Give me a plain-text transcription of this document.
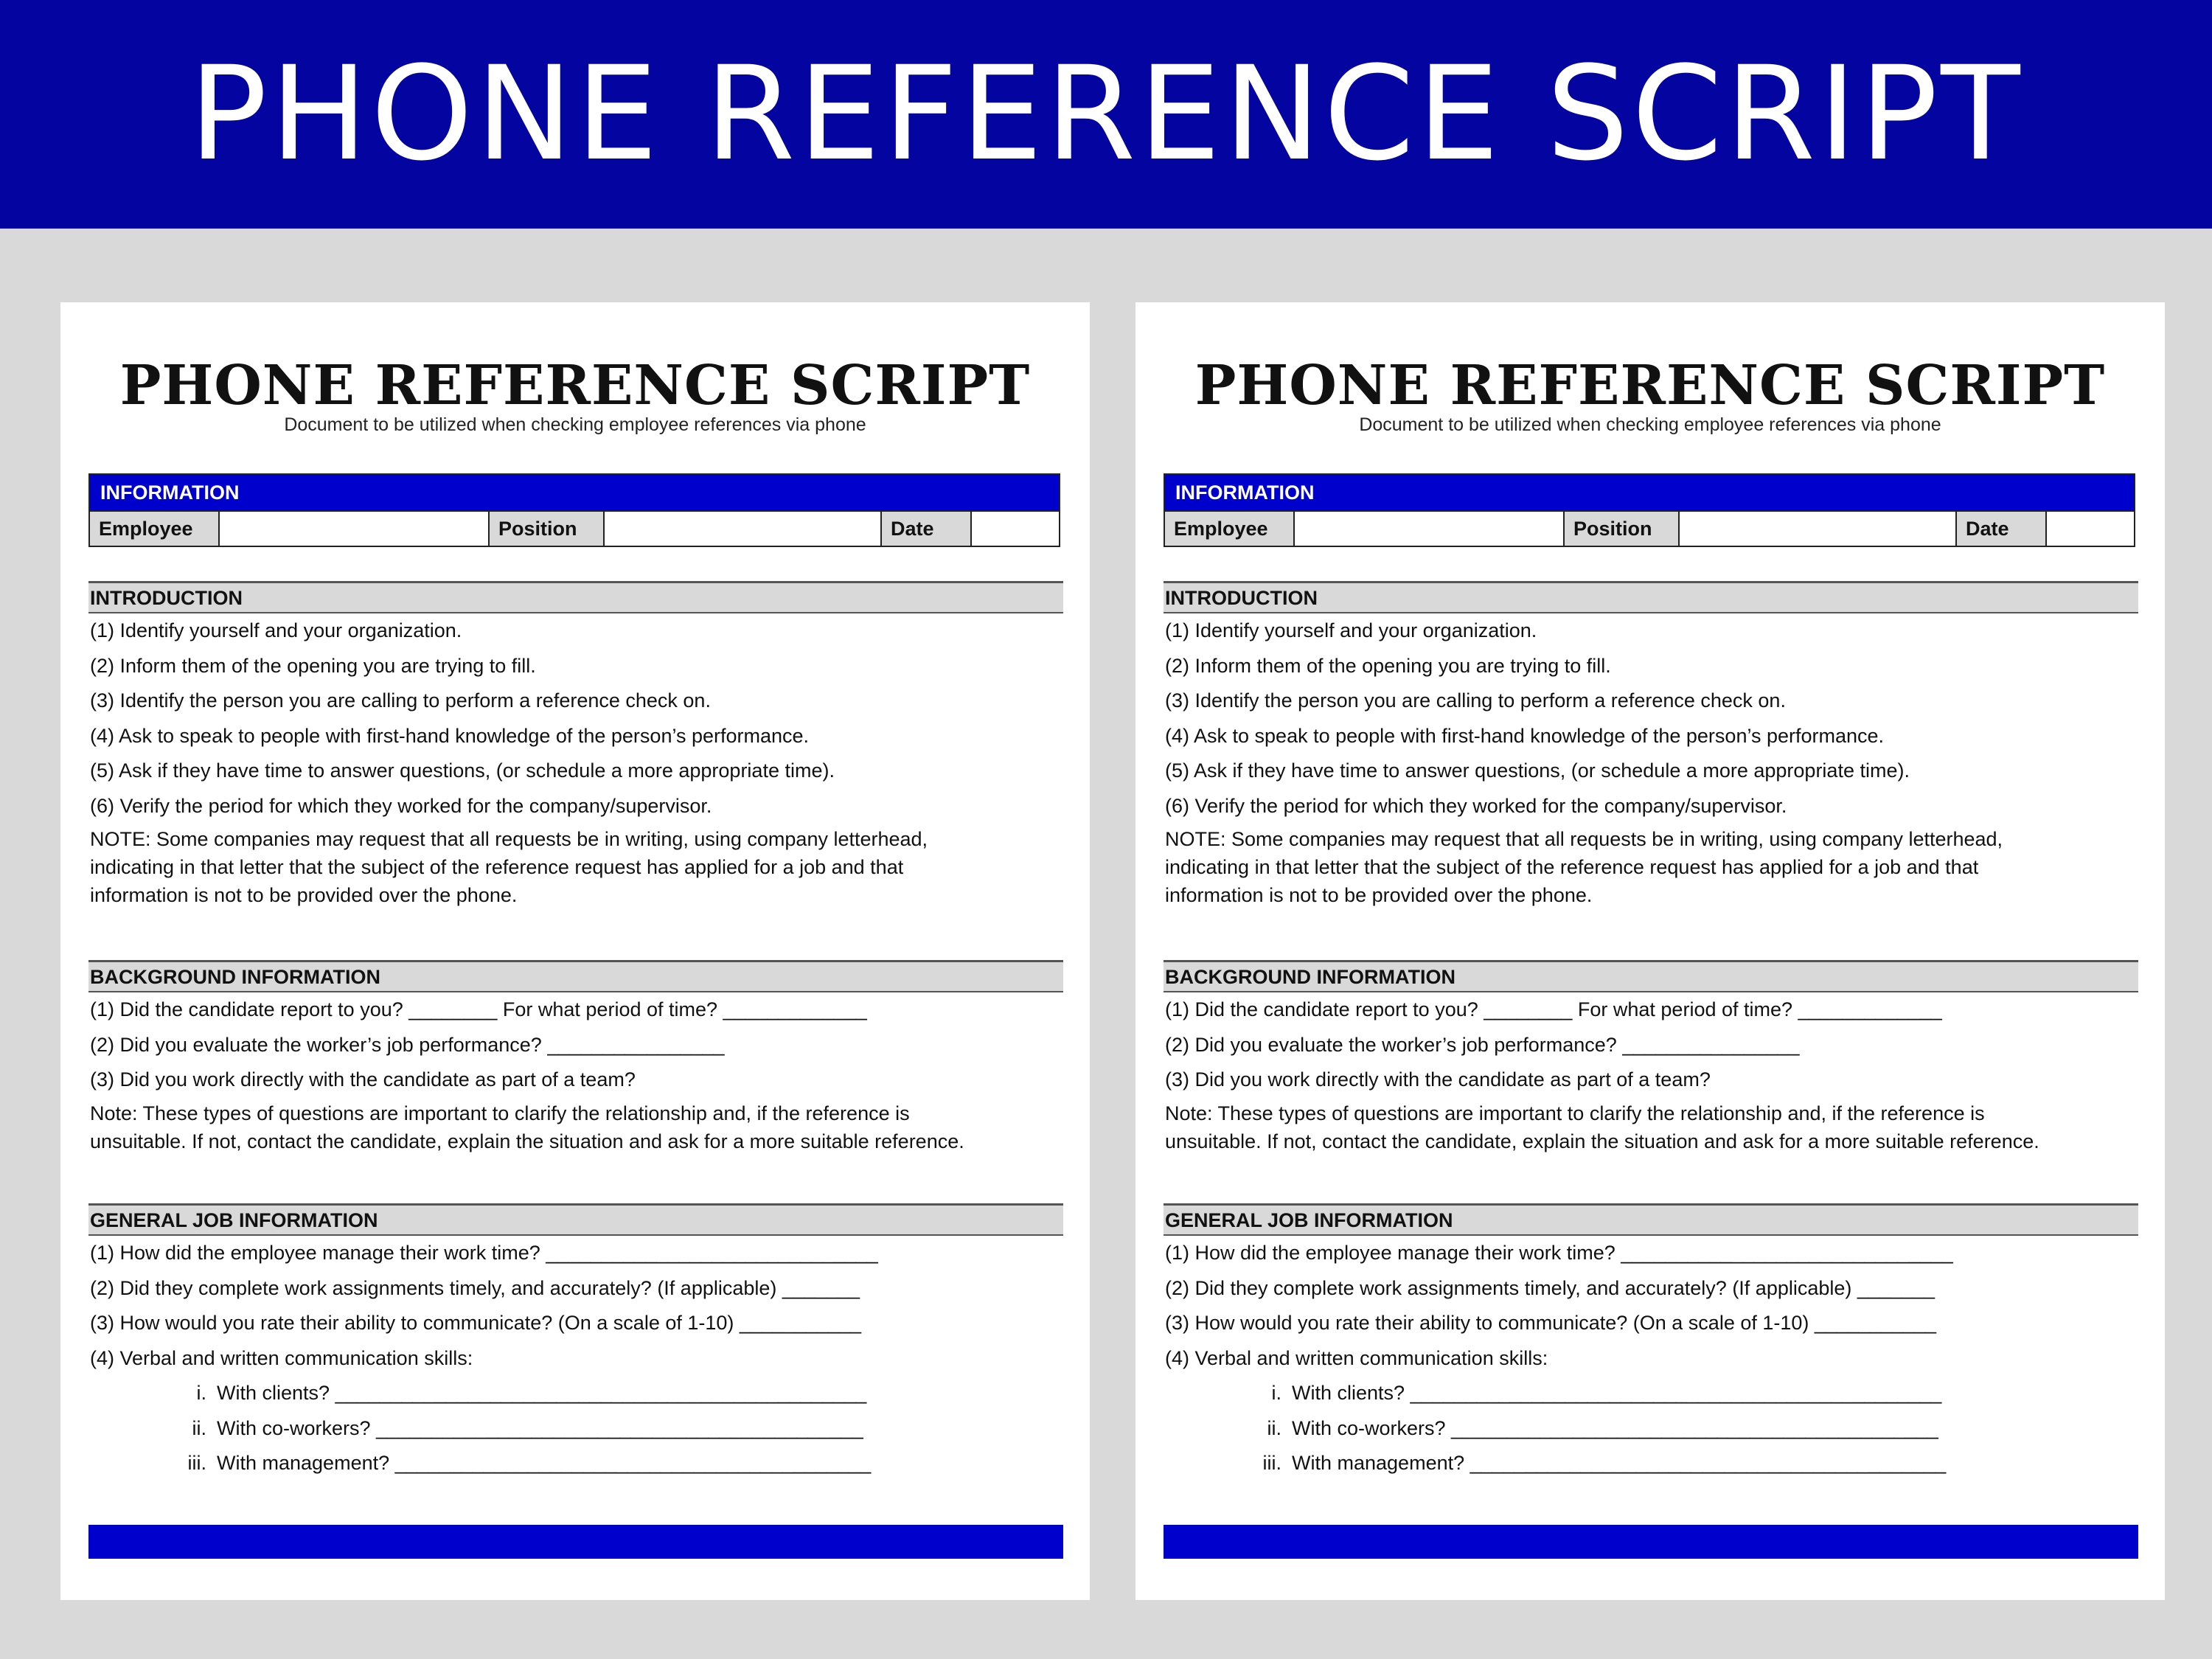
PHONE REFERENCE SCRIPT
PHONE REFERENCE SCRIPT
Document to be utilized when checking employee references via phone
INFORMATION
Employee	Position	Date
INTRODUCTION
(1) Identify yourself and your organization.
(2) Inform them of the opening you are trying to fill.
(3) Identify the person you are calling to perform a reference check on.
(4) Ask to speak to people with first-hand knowledge of the person’s performance.
(5) Ask if they have time to answer questions, (or schedule a more appropriate time).
(6) Verify the period for which they worked for the company/supervisor.
NOTE: Some companies may request that all requests be in writing, using company letterhead,
indicating in that letter that the subject of the reference request has applied for a job and that
information is not to be provided over the phone.
BACKGROUND INFORMATION
(1) Did the candidate report to you? ________ For what period of time? _____________
(2) Did you evaluate the worker’s job performance? ________________
(3) Did you work directly with the candidate as part of a team?
Note: These types of questions are important to clarify the relationship and, if the reference is
unsuitable. If not, contact the candidate, explain the situation and ask for a more suitable reference.
GENERAL JOB INFORMATION
(1) How did the employee manage their work time? ______________________________
(2) Did they complete work assignments timely, and accurately? (If applicable) _______
(3) How would you rate their ability to communicate? (On a scale of 1-10) ___________
(4) Verbal and written communication skills:
i. With clients? ________________________________________________
ii. With co-workers? ____________________________________________
iii. With management? ___________________________________________
PHONE REFERENCE SCRIPT
Document to be utilized when checking employee references via phone
INFORMATION
Employee	Position	Date
INTRODUCTION
(1) Identify yourself and your organization.
(2) Inform them of the opening you are trying to fill.
(3) Identify the person you are calling to perform a reference check on.
(4) Ask to speak to people with first-hand knowledge of the person’s performance.
(5) Ask if they have time to answer questions, (or schedule a more appropriate time).
(6) Verify the period for which they worked for the company/supervisor.
NOTE: Some companies may request that all requests be in writing, using company letterhead,
indicating in that letter that the subject of the reference request has applied for a job and that
information is not to be provided over the phone.
BACKGROUND INFORMATION
(1) Did the candidate report to you? ________ For what period of time? _____________
(2) Did you evaluate the worker’s job performance? ________________
(3) Did you work directly with the candidate as part of a team?
Note: These types of questions are important to clarify the relationship and, if the reference is
unsuitable. If not, contact the candidate, explain the situation and ask for a more suitable reference.
GENERAL JOB INFORMATION
(1) How did the employee manage their work time? ______________________________
(2) Did they complete work assignments timely, and accurately? (If applicable) _______
(3) How would you rate their ability to communicate? (On a scale of 1-10) ___________
(4) Verbal and written communication skills:
i. With clients? ________________________________________________
ii. With co-workers? ____________________________________________
iii. With management? ___________________________________________
